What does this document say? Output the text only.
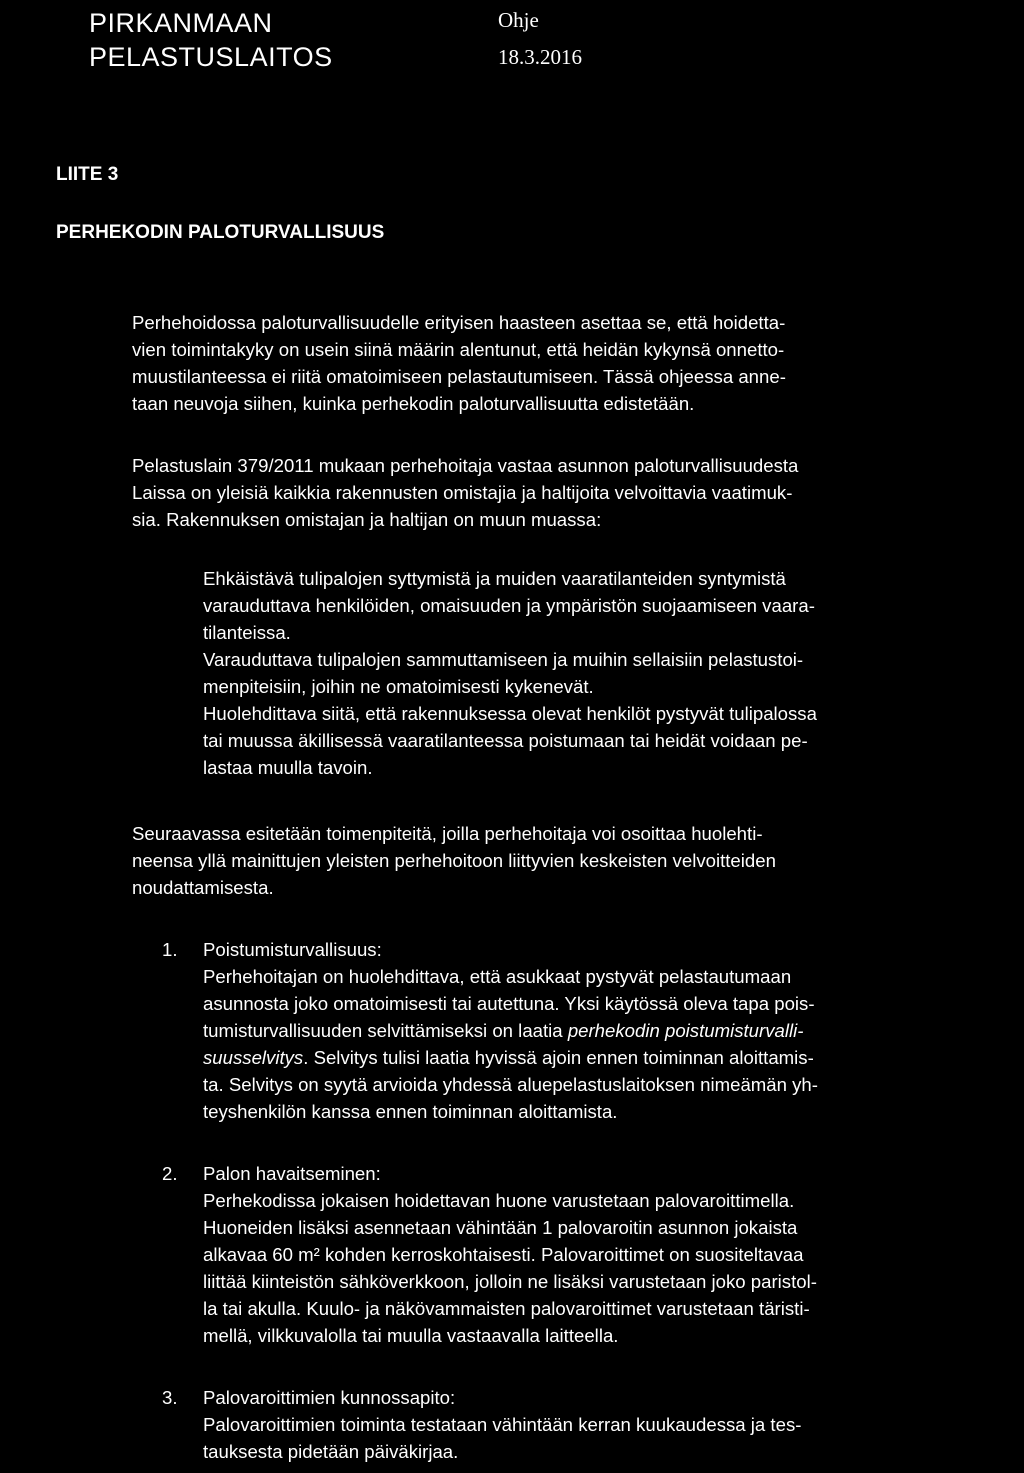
PIRKANMAAN
PELASTUSLAITOS
Ohje
18.3.2016
LIITE 3
PERHEKODIN PALOTURVALLISUUS
Perhehoidossa paloturvallisuudelle erityisen haasteen asettaa se, että hoidetta-
vien toimintakyky on usein siinä määrin alentunut, että heidän kykynsä onnetto-
muustilanteessa ei riitä omatoimiseen pelastautumiseen. Tässä ohjeessa anne-
taan neuvoja siihen, kuinka perhekodin paloturvallisuutta edistetään.
Pelastuslain 379/2011 mukaan perhehoitaja vastaa asunnon paloturvallisuudesta
Laissa on yleisiä kaikkia rakennusten omistajia ja haltijoita velvoittavia vaatimuk-
sia. Rakennuksen omistajan ja haltijan on muun muassa:
Ehkäistävä tulipalojen syttymistä ja muiden vaaratilanteiden syntymistä
varauduttava henkilöiden, omaisuuden ja ympäristön suojaamiseen vaara-
tilanteissa.
Varauduttava tulipalojen sammuttamiseen ja muihin sellaisiin pelastustoi-
menpiteisiin, joihin ne omatoimisesti kykenevät.
Huolehdittava siitä, että rakennuksessa olevat henkilöt pystyvät tulipalossa
tai muussa äkillisessä vaaratilanteessa poistumaan tai heidät voidaan pe-
lastaa muulla tavoin.
Seuraavassa esitetään toimenpiteitä, joilla perhehoitaja voi osoittaa huolehti-
neensa yllä mainittujen yleisten perhehoitoon liittyvien keskeisten velvoitteiden
noudattamisesta.
1. Poistumisturvallisuus:
Perhehoitajan on huolehdittava, että asukkaat pystyvät pelastautumaan
asunnosta joko omatoimisesti tai autettuna. Yksi käytössä oleva tapa pois-
tumisturvallisuuden selvittämiseksi on laatia perhekodin poistumisturvalli-
suusselvitys. Selvitys tulisi laatia hyvissä ajoin ennen toiminnan aloittamis-
ta. Selvitys on syytä arvioida yhdessä aluepelastuslaitoksen nimeämän yh-
teyshenkilön kanssa ennen toiminnan aloittamista.
2. Palon havaitseminen:
Perhekodissa jokaisen hoidettavan huone varustetaan palovaroittimella.
Huoneiden lisäksi asennetaan vähintään 1 palovaroitin asunnon jokaista
alkavaa 60 m² kohden kerroskohtaisesti. Palovaroittimet on suositeltavaa
liittää kiinteistön sähköverkkoon, jolloin ne lisäksi varustetaan joko paristol-
la tai akulla. Kuulo- ja näkövammaisten palovaroittimet varustetaan täristi-
mellä, vilkkuvalolla tai muulla vastaavalla laitteella.
3. Palovaroittimien kunnossapito:
Palovaroittimien toiminta testataan vähintään kerran kuukaudessa ja tes-
tauksesta pidetään päiväkirjaa.
